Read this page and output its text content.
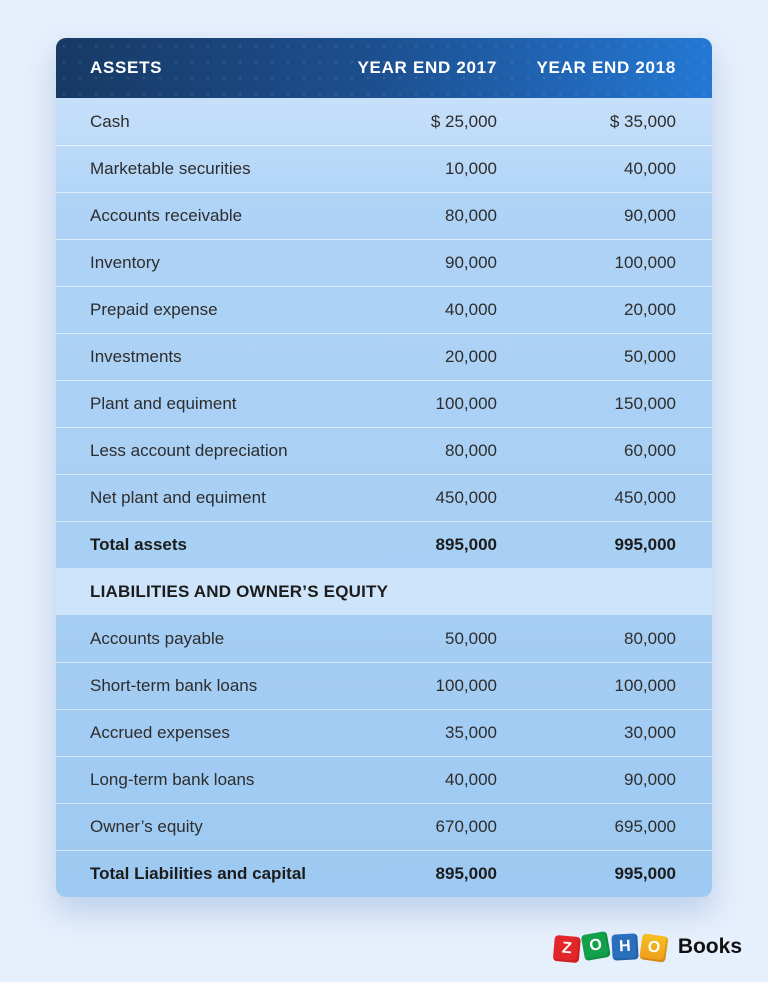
ASSETS	YEAR END 2017	YEAR END 2018
Cash	$ 25,000	$ 35,000
Marketable securities	10,000	40,000
Accounts receivable	80,000	90,000
Inventory	90,000	100,000
Prepaid expense	40,000	20,000
Investments	20,000	50,000
Plant and equiment	100,000	150,000
Less account depreciation	80,000	60,000
Net plant and equiment	450,000	450,000
Total assets	895,000	995,000
LIABILITIES AND OWNER’S EQUITY
Accounts payable	50,000	80,000
Short-term bank loans	100,000	100,000
Accrued expenses	35,000	30,000
Long-term bank loans	40,000	90,000
Owner’s equity	670,000	695,000
Total Liabilities and capital	895,000	995,000
Z O H O Books
